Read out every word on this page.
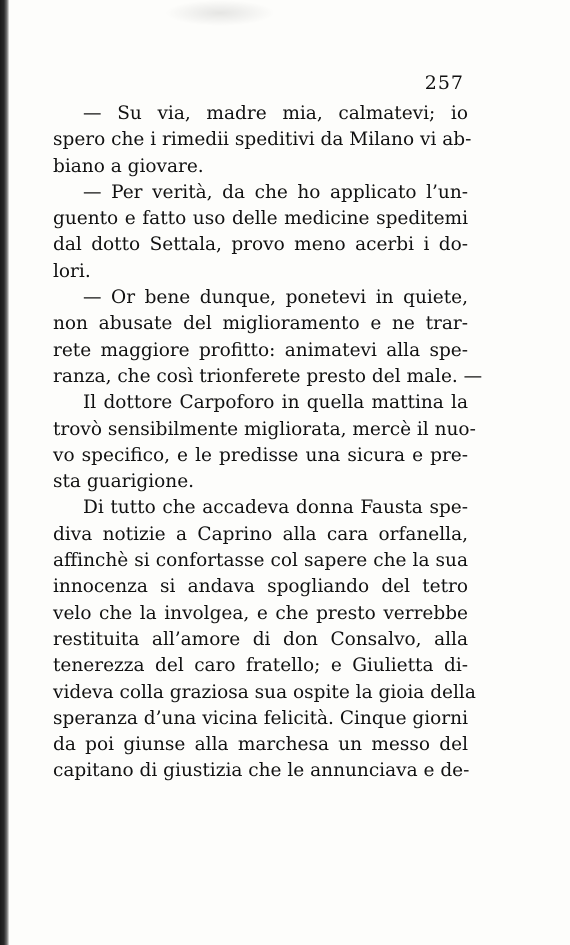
257
— Su via, madre mia, calmatevi; io
spero che i rimedii speditivi da Milano vi ab-
biano a giovare.
— Per verità, da che ho applicato l’un-
guento e fatto uso delle medicine speditemi
dal dotto Settala, provo meno acerbi i do-
lori.
— Or bene dunque, ponetevi in quiete,
non abusate del miglioramento e ne trar-
rete maggiore profitto: animatevi alla spe-
ranza, che così trionferete presto del male. —
Il dottore Carpoforo in quella mattina la
trovò sensibilmente migliorata, mercè il nuo-
vo specifico, e le predisse una sicura e pre-
sta guarigione.
Di tutto che accadeva donna Fausta spe-
diva notizie a Caprino alla cara orfanella,
affinchè si confortasse col sapere che la sua
innocenza si andava spogliando del tetro
velo che la involgea, e che presto verrebbe
restituita all’amore di don Consalvo, alla
tenerezza del caro fratello; e Giulietta di-
videva colla graziosa sua ospite la gioia della
speranza d’una vicina felicità. Cinque giorni
da poi giunse alla marchesa un messo del
capitano di giustizia che le annunciava e de-
